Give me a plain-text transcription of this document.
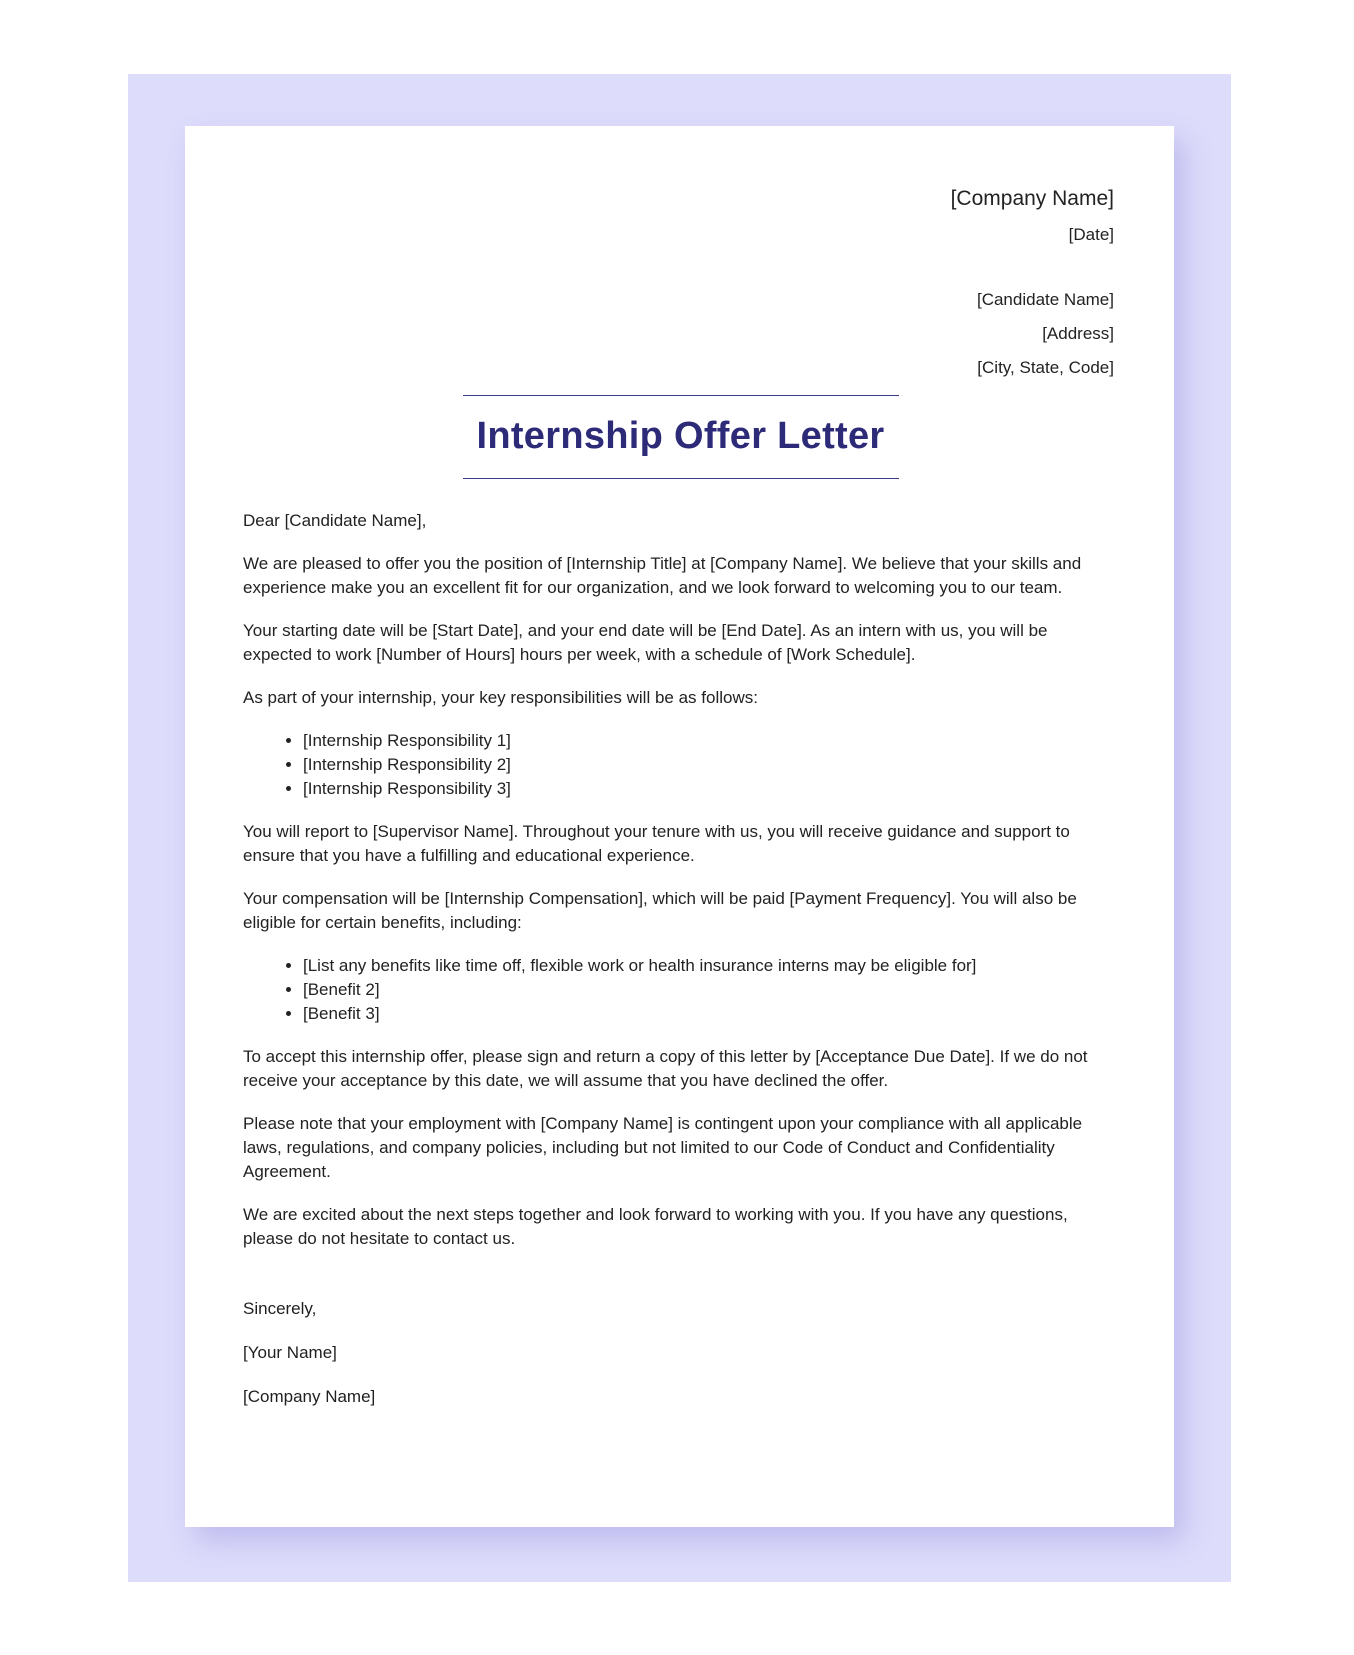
[Company Name]
[Date]
[Candidate Name]
[Address]
[City, State, Code]
Internship Offer Letter

Dear [Candidate Name],

We are pleased to offer you the position of [Internship Title] at [Company Name]. We believe that your skills and experience make you an excellent fit for our organization, and we look forward to welcoming you to our team.

Your starting date will be [Start Date], and your end date will be [End Date]. As an intern with us, you will be expected to work [Number of Hours] hours per week, with a schedule of [Work Schedule].

As part of your internship, your key responsibilities will be as follows:

• [Internship Responsibility 1]
• [Internship Responsibility 2]
• [Internship Responsibility 3]

You will report to [Supervisor Name]. Throughout your tenure with us, you will receive guidance and support to ensure that you have a fulfilling and educational experience.

Your compensation will be [Internship Compensation], which will be paid [Payment Frequency]. You will also be eligible for certain benefits, including:

• [List any benefits like time off, flexible work or health insurance interns may be eligible for]
• [Benefit 2]
• [Benefit 3]

To accept this internship offer, please sign and return a copy of this letter by [Acceptance Due Date]. If we do not receive your acceptance by this date, we will assume that you have declined the offer.

Please note that your employment with [Company Name] is contingent upon your compliance with all applicable laws, regulations, and company policies, including but not limited to our Code of Conduct and Confidentiality Agreement.

We are excited about the next steps together and look forward to working with you. If you have any questions, please do not hesitate to contact us.

Sincerely,
[Your Name]
[Company Name]
